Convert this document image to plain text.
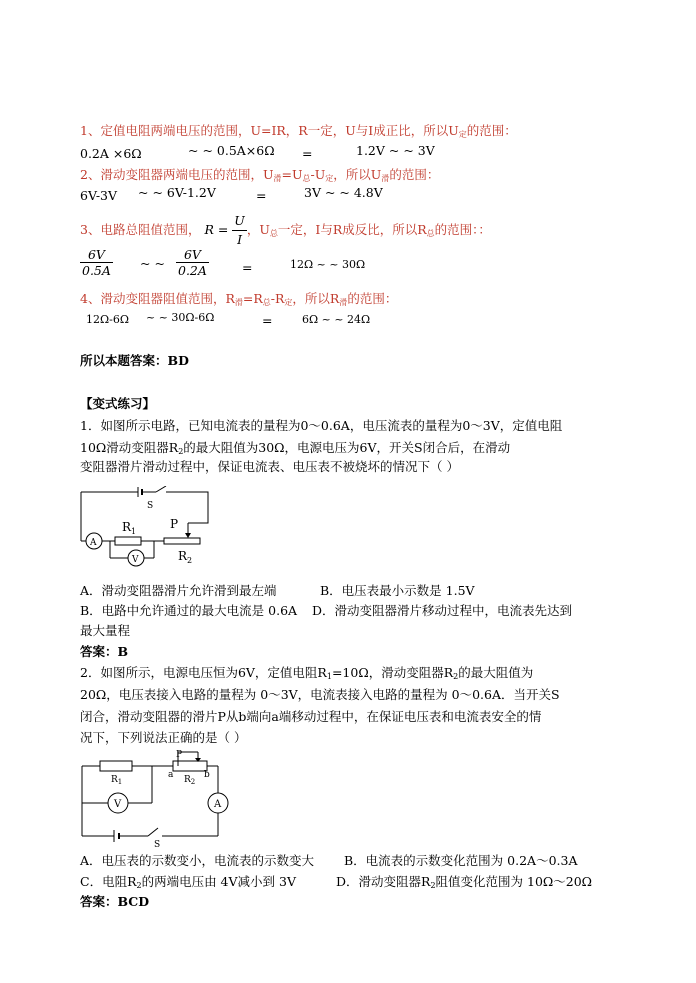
1、定值电阻两端电压的范围，U=IR，R一定，U与I成正比，所以$U_定$的范围：
0.2A ×6Ω	~ ~ 0.5A×6Ω =	1.2V ~ ~ 3V
2、滑动变阻器两端电压的范围，$U_滑=U_总-U_定$，所以$U_滑$的范围：
6V-3V ~ ~ 6V-1.2V	=	3V ~ ~ 4.8V
3、电路总阻值范围， $R = \frac{U}{I}$ ，$U_总$一定，I与R成反比，所以$R_总$的范围：：
$\frac{6V}{0.5A}$ ~ ~ $\frac{6V}{0.2A}$	=	12Ω ~ ~ 30Ω
4、滑动变阻器阻值范围，$R_滑=R_总-R_定$，所以$R_滑$的范围：
12Ω-6Ω ~ ~ 30Ω-6Ω	=	6Ω ~ ~ 24Ω
所以本题答案：BD
【变式练习】
1．如图所示电路，已知电流表的量程为0～0.6A，电压流表的量程为0～3V，定值电阻
10Ω滑动变阻器$R_2$的最大阻值为30Ω，电源电压为6V，开关S闭合后，在滑动
变阻器滑片滑动过程中，保证电流表、电压表不被烧坏的情况下（ ）
S
$R_1$
P
$R_2$
A
V
A．滑动变阻器滑片允许滑到最左端	B．电压表最小示数是 1.5V
B．电路中允许通过的最大电流是 0.6A D．滑动变阻器滑片移动过程中，电流表先达到
最大量程
答案：B
2．如图所示，电源电压恒为6V，定值电阻$R_1=10\Omega$，滑动变阻器$R_2$的最大阻值为
20Ω，电压表接入电路的量程为 0～3V，电流表接入电路的量程为 0～0.6A．当开关S
闭合，滑动变阻器的滑片P从b端向a端移动过程中，在保证电压表和电流表安全的情
况下，下列说法正确的是（ ）
$R_1$
P
a $R_2$
b
V	A
S
A．电压表的示数变小，电流表的示数变大 B．电流表的示数变化范围为 0.2A～0.3A
C．电阻$R_2$的两端电压由 4V减小到 3V	D．滑动变阻器$R_2$阻值变化范围为 10Ω～20Ω
答案：BCD
